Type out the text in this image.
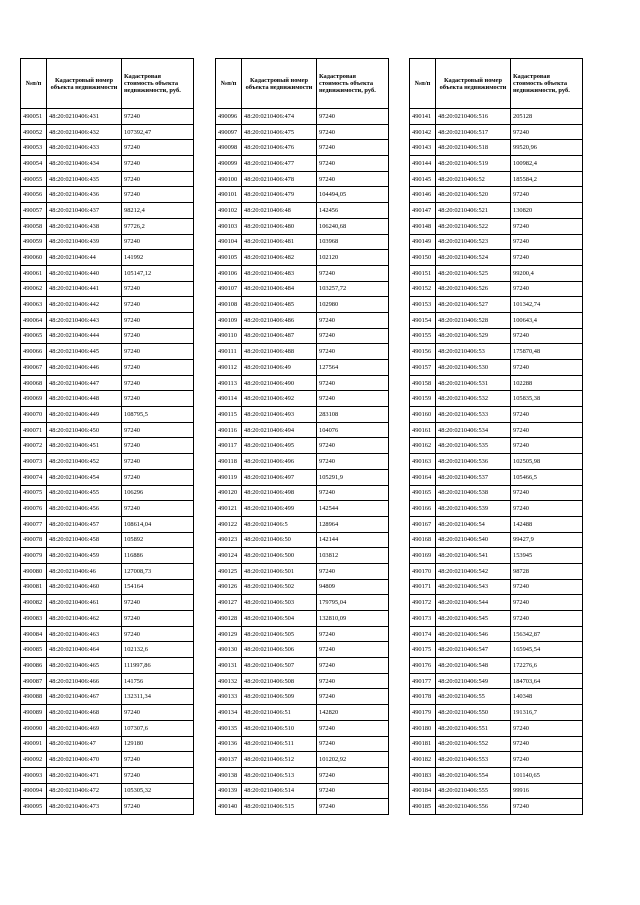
№п/п	Кадастровый номер объекта недвижимости	Кадастровая стоимость объекта недвижимости, руб.
490051	48:20:0210406:431	97240
490052	48:20:0210406:432	107392,47
490053	48:20:0210406:433	97240
490054	48:20:0210406:434	97240
490055	48:20:0210406:435	97240
490056	48:20:0210406:436	97240
490057	48:20:0210406:437	98212,4
490058	48:20:0210406:438	97726,2
490059	48:20:0210406:439	97240
490060	48:20:0210406:44	141992
490061	48:20:0210406:440	105147,12
490062	48:20:0210406:441	97240
490063	48:20:0210406:442	97240
490064	48:20:0210406:443	97240
490065	48:20:0210406:444	97240
490066	48:20:0210406:445	97240
490067	48:20:0210406:446	97240
490068	48:20:0210406:447	97240
490069	48:20:0210406:448	97240
490070	48:20:0210406:449	108795,5
490071	48:20:0210406:450	97240
490072	48:20:0210406:451	97240
490073	48:20:0210406:452	97240
490074	48:20:0210406:454	97240
490075	48:20:0210406:455	106296
490076	48:20:0210406:456	97240
490077	48:20:0210406:457	108614,04
490078	48:20:0210406:458	105892
490079	48:20:0210406:459	116886
490080	48:20:0210406:46	127008,73
490081	48:20:0210406:460	154164
490082	48:20:0210406:461	97240
490083	48:20:0210406:462	97240
490084	48:20:0210406:463	97240
490085	48:20:0210406:464	102132,6
490086	48:20:0210406:465	111997,86
490087	48:20:0210406:466	141756
490088	48:20:0210406:467	132311,34
490089	48:20:0210406:468	97240
490090	48:20:0210406:469	107307,6
490091	48:20:0210406:47	129180
490092	48:20:0210406:470	97240
490093	48:20:0210406:471	97240
490094	48:20:0210406:472	105305,32
490095	48:20:0210406:473	97240
№п/п	Кадастровый номер объекта недвижимости	Кадастровая стоимость объекта недвижимости, руб.
490096	48:20:0210406:474	97240
490097	48:20:0210406:475	97240
490098	48:20:0210406:476	97240
490099	48:20:0210406:477	97240
490100	48:20:0210406:478	97240
490101	48:20:0210406:479	104494,05
490102	48:20:0210406:48	142456
490103	48:20:0210406:480	106240,68
490104	48:20:0210406:481	103968
490105	48:20:0210406:482	102120
490106	48:20:0210406:483	97240
490107	48:20:0210406:484	103257,72
490108	48:20:0210406:485	102980
490109	48:20:0210406:486	97240
490110	48:20:0210406:487	97240
490111	48:20:0210406:488	97240
490112	48:20:0210406:49	127564
490113	48:20:0210406:490	97240
490114	48:20:0210406:492	97240
490115	48:20:0210406:493	283108
490116	48:20:0210406:494	104076
490117	48:20:0210406:495	97240
490118	48:20:0210406:496	97240
490119	48:20:0210406:497	105291,9
490120	48:20:0210406:498	97240
490121	48:20:0210406:499	142544
490122	48:20:0210406:5	128964
490123	48:20:0210406:50	142144
490124	48:20:0210406:500	103812
490125	48:20:0210406:501	97240
490126	48:20:0210406:502	94809
490127	48:20:0210406:503	179795,04
490128	48:20:0210406:504	132810,09
490129	48:20:0210406:505	97240
490130	48:20:0210406:506	97240
490131	48:20:0210406:507	97240
490132	48:20:0210406:508	97240
490133	48:20:0210406:509	97240
490134	48:20:0210406:51	142820
490135	48:20:0210406:510	97240
490136	48:20:0210406:511	97240
490137	48:20:0210406:512	101202,92
490138	48:20:0210406:513	97240
490139	48:20:0210406:514	97240
490140	48:20:0210406:515	97240
№п/п	Кадастровый номер объекта недвижимости	Кадастровая стоимость объекта недвижимости, руб.
490141	48:20:0210406:516	205128
490142	48:20:0210406:517	97240
490143	48:20:0210406:518	99520,96
490144	48:20:0210406:519	100982,4
490145	48:20:0210406:52	185584,2
490146	48:20:0210406:520	97240
490147	48:20:0210406:521	130820
490148	48:20:0210406:522	97240
490149	48:20:0210406:523	97240
490150	48:20:0210406:524	97240
490151	48:20:0210406:525	99200,4
490152	48:20:0210406:526	97240
490153	48:20:0210406:527	101342,74
490154	48:20:0210406:528	100643,4
490155	48:20:0210406:529	97240
490156	48:20:0210406:53	175870,48
490157	48:20:0210406:530	97240
490158	48:20:0210406:531	102288
490159	48:20:0210406:532	105835,38
490160	48:20:0210406:533	97240
490161	48:20:0210406:534	97240
490162	48:20:0210406:535	97240
490163	48:20:0210406:536	102505,98
490164	48:20:0210406:537	105466,5
490165	48:20:0210406:538	97240
490166	48:20:0210406:539	97240
490167	48:20:0210406:54	142488
490168	48:20:0210406:540	99427,9
490169	48:20:0210406:541	153945
490170	48:20:0210406:542	98728
490171	48:20:0210406:543	97240
490172	48:20:0210406:544	97240
490173	48:20:0210406:545	97240
490174	48:20:0210406:546	156342,87
490175	48:20:0210406:547	165945,54
490176	48:20:0210406:548	172276,6
490177	48:20:0210406:549	184703,64
490178	48:20:0210406:55	140348
490179	48:20:0210406:550	191316,7
490180	48:20:0210406:551	97240
490181	48:20:0210406:552	97240
490182	48:20:0210406:553	97240
490183	48:20:0210406:554	101140,65
490184	48:20:0210406:555	99916
490185	48:20:0210406:556	97240
